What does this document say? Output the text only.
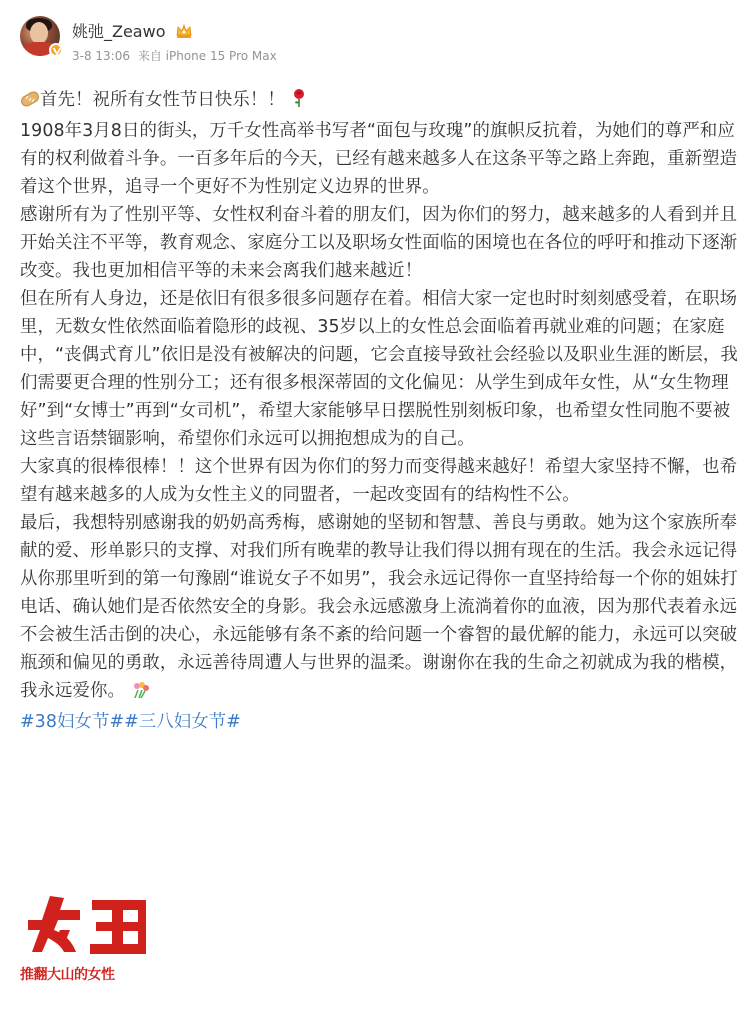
姚弛_Zeawo
3-8 13:06 来自 iPhone 15 Pro Max

首先！祝所有女性节日快乐！！

1908年3月8日的街头，万千女性高举书写者“面包与玫瑰”的旗帜反抗着，为她们的尊严和应有的权利做着斗争。一百多年后的今天，已经有越来越多人在这条平等之路上奔跑，重新塑造着这个世界，追寻一个更好不为性别定义边界的世界。

感谢所有为了性别平等、女性权利奋斗着的朋友们，因为你们的努力，越来越多的人看到并且开始关注不平等，教育观念、家庭分工以及职场女性面临的困境也在各位的呼吁和推动下逐渐改变。我也更加相信平等的未来会离我们越来越近！

但在所有人身边，还是依旧有很多很多问题存在着。相信大家一定也时时刻刻感受着，在职场里，无数女性依然面临着隐形的歧视、35岁以上的女性总会面临着再就业难的问题；在家庭中，“丧偶式育儿”依旧是没有被解决的问题，它会直接导致社会经验以及职业生涯的断层，我们需要更合理的性别分工；还有很多根深蒂固的文化偏见：从学生到成年女性，从“女生物理好”到“女博士”再到“女司机”，希望大家能够早日摆脱性别刻板印象，也希望女性同胞不要被这些言语禁锢影响，希望你们永远可以拥抱想成为的自己。

大家真的很棒很棒！！这个世界有因为你们的努力而变得越来越好！希望大家坚持不懈，也希望有越来越多的人成为女性主义的同盟者，一起改变固有的结构性不公。

最后，我想特别感谢我的奶奶高秀梅，感谢她的坚韧和智慧、善良与勇敢。她为这个家族所奉献的爱、形单影只的支撑、对我们所有晚辈的教导让我们得以拥有现在的生活。我会永远记得从你那里听到的第一句豫剧“谁说女子不如男”，我会永远记得你一直坚持给每一个你的姐妹打电话、确认她们是否依然安全的身影。我会永远感激身上流淌着你的血液，因为那代表着永远不会被生活击倒的决心，永远能够有条不紊的给问题一个睿智的最优解的能力，永远可以突破瓶颈和偏见的勇敢，永远善待周遭人与世界的温柔。谢谢你在我的生命之初就成为我的楷模，我永远爱你。

#38妇女节##三八妇女节#

推翻大山的女性
